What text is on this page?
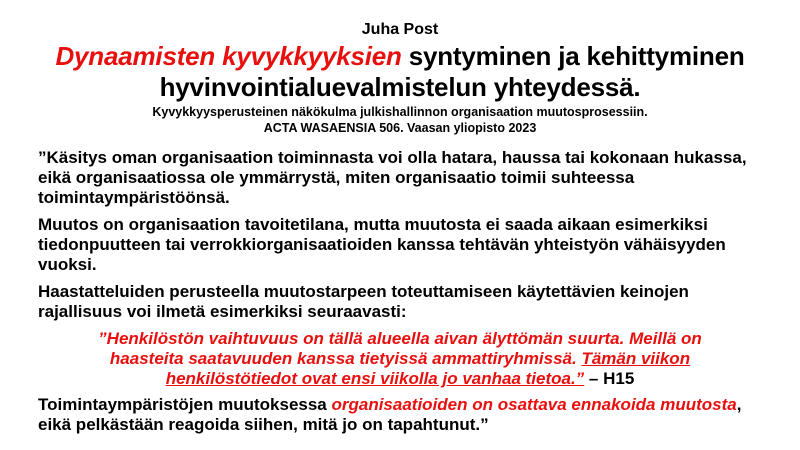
Juha Post
Dynaamisten kyvykkyyksien syntyminen ja kehittyminen
hyvinvointialuevalmistelun yhteydessä.
Kyvykkyysperusteinen näkökulma julkishallinnon organisaation muutosprosessiin.
ACTA WASAENSIA 506. Vaasan yliopisto 2023

”Käsitys oman organisaation toiminnasta voi olla hatara, haussa tai kokonaan hukassa, eikä organisaatiossa ole ymmärrystä, miten organisaatio toimii suhteessa toimintaympäristöönsä.

Muutos on organisaation tavoitetilana, mutta muutosta ei saada aikaan esimerkiksi tiedonpuutteen tai verrokkiorganisaatioiden kanssa tehtävän yhteistyön vähäisyyden vuoksi.

Haastatteluiden perusteella muutostarpeen toteuttamiseen käytettävien keinojen rajallisuus voi ilmetä esimerkiksi seuraavasti:

”Henkilöstön vaihtuvuus on tällä alueella aivan älyttömän suurta. Meillä on haasteita saatavuuden kanssa tietyissä ammattiryhmissä. Tämän viikon henkilöstötiedot ovat ensi viikolla jo vanhaa tietoa.” – H15

Toimintaympäristöjen muutoksessa organisaatioiden on osattava ennakoida muutosta, eikä pelkästään reagoida siihen, mitä jo on tapahtunut.”
